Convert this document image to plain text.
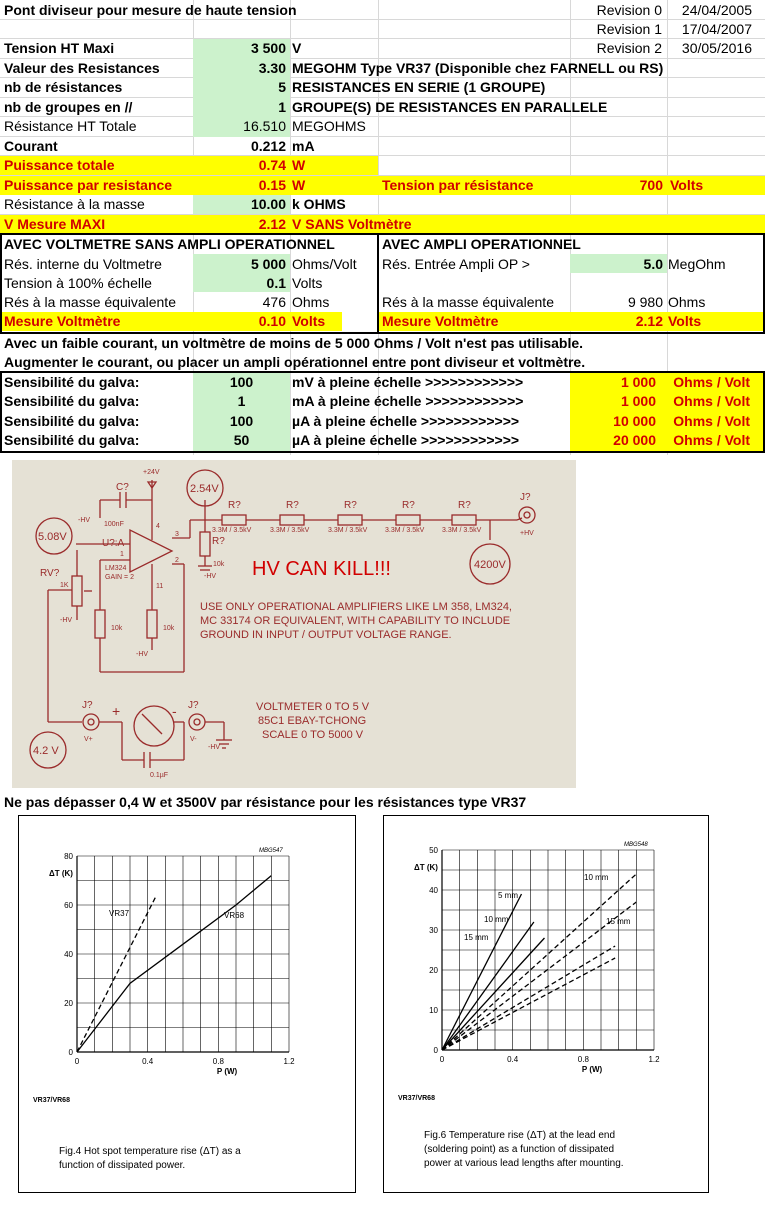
Pont diviseur pour mesure de haute tension	Revision 0	24/04/2005
Revision 1	17/04/2007
Revision 2	30/05/2016
Tension HT Maxi	3 500 V
Valeur des Resistances	3.30 MEGOHM Type VR37 (Disponible chez FARNELL ou RS)
nb de résistances	5 RESISTANCES EN SERIE (1 GROUPE)
nb de groupes en //	1 GROUPE(S) DE RESISTANCES EN PARALLELE
Résistance HT Totale	16.510 MEGOHMS
Courant	0.212 mA
Puissance totale	0.74 W
Puissance par resistance	0.15 W	Tension par résistance	700 Volts
Résistance à la masse	10.00 k OHMS
V Mesure MAXI	2.12 V SANS Voltmètre
AVEC VOLTMETRE SANS AMPLI OPERATIONNEL
Rés. interne du Voltmetre	5 000 Ohms/Volt
Tension à 100% échelle	0.1 Volts
Rés à la masse équivalente	476 Ohms
Mesure Voltmètre	0.10 Volts
AVEC AMPLI OPERATIONNEL
Rés. Entrée Ampli OP >	5.0 MegOhm
Rés à la masse équivalente	9 980 Ohms
Mesure Voltmètre	2.12 Volts
Avec un faible courant, un voltmètre de moins de 5 000 Ohms / Volt n'est pas utilisable.
Augmenter le courant, ou placer un ampli opérationnel entre pont diviseur et voltmètre.
Sensibilité du galva:	100	mV à pleine échelle >>>>>>>>>>>>	1 000	Ohms / Volt
Sensibilité du galva:	1	mA à pleine échelle >>>>>>>>>>>>	1 000	Ohms / Volt
Sensibilité du galva:	100	µA à pleine échelle >>>>>>>>>>>>	10 000	Ohms / Volt
Sensibilité du galva:	50	µA à pleine échelle >>>>>>>>>>>>	20 000	Ohms / Volt
3.3M / 3.5kV	3.3M / 3.5kV	3.3M / 3.5kV	3.3M / 3.5kV	3.3M / 3.5kV
100nF
+24V
-HV
+HV
LM324
GAIN = 2
10k
-HV
1K
-HV
10k	10k
-HV
V+	V-
-HV
0.1µF
4
3
2
1
11
C?
U?:A
R?	R?	R?	R?	R?
R?
J?
RV?
J?	J?
+	-
2.54V
5.08V
4200V
4.2 V
HV CAN KILL!!!
USE ONLY OPERATIONAL AMPLIFIERS LIKE LM 358, LM324,
MC 33174 OR EQUIVALENT, WITH CAPABILITY TO INCLUDE
GROUND IN INPUT / OUTPUT VOLTAGE RANGE.
VOLTMETER 0 TO 5 V
85C1 EBAY-TCHONG
SCALE 0 TO 5000 V
Ne pas dépasser 0,4 W et 3500V par résistance pour les résistances type VR37
0	0.4	0.8	1.2
0
20
40
60
80
ΔT (K)
P (W)
MBG547
VR37	VR68
VR37/VR68
Fig.4 Hot spot temperature rise (ΔT) as a
function of dissipated power.
0	0.4	0.8	1.2
0
10
20
30
40
50
ΔT (K)
P (W)
MBG548
5 mm
10 mm
15 mm
10 mm
15 mm
VR37/VR68
Fig.6 Temperature rise (ΔT) at the lead end
(soldering point) as a function of dissipated
power at various lead lengths after mounting.
